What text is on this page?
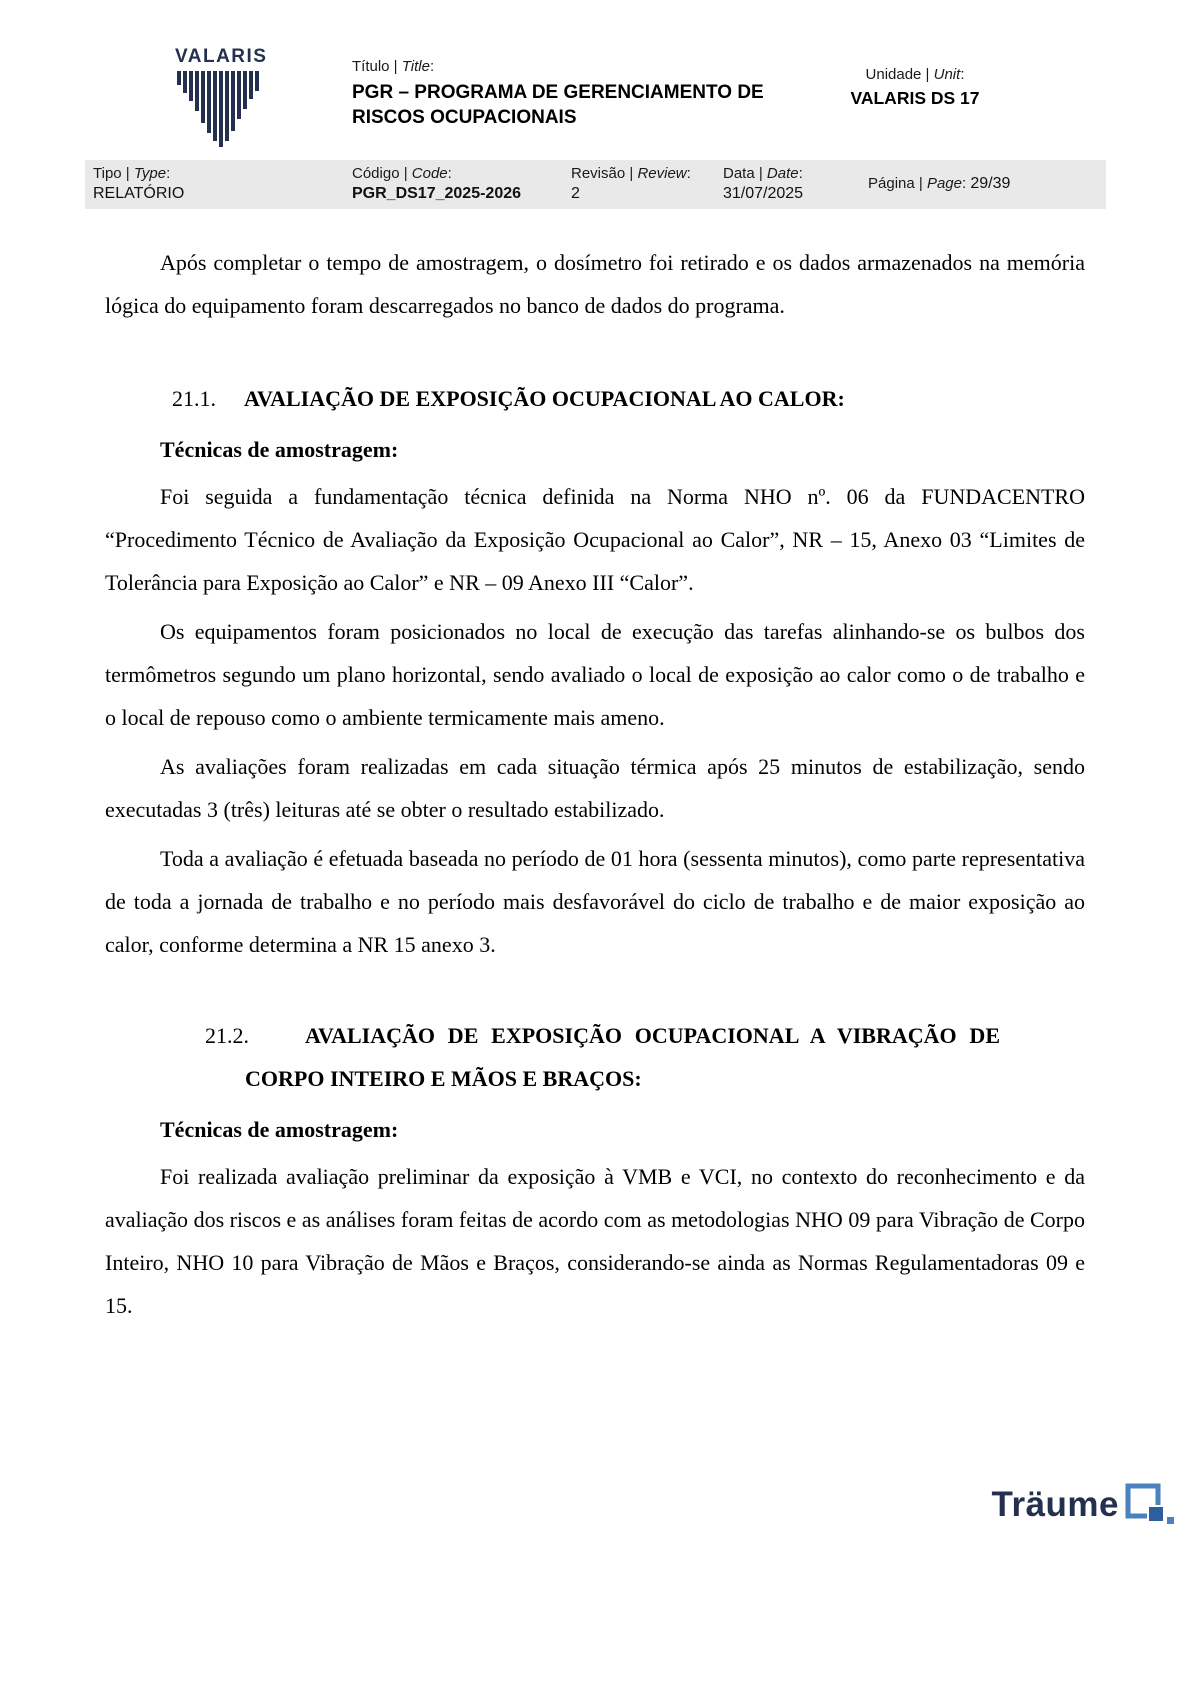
VALARIS	Título | Title:
PGR – PROGRAMA DE GERENCIAMENTO DE
RISCOS OCUPACIONAIS
Unidade | Unit:
VALARIS DS 17
Tipo | Type:
RELATÓRIO
Código | Code:
PGR_DS17_2025-2026
Revisão | Review:
2
Data | Date:
31/07/2025
Página | Page: 29/39

Após completar o tempo de amostragem, o dosímetro foi retirado e os dados armazenados na memória lógica do equipamento foram descarregados no banco de dados do programa.

21.1. AVALIAÇÃO DE EXPOSIÇÃO OCUPACIONAL AO CALOR:

Técnicas de amostragem:

Foi seguida a fundamentação técnica definida na Norma NHO nº. 06 da FUNDACENTRO “Procedimento Técnico de Avaliação da Exposição Ocupacional ao Calor”, NR – 15, Anexo 03 “Limites de Tolerância para Exposição ao Calor” e NR – 09 Anexo III “Calor”.

Os equipamentos foram posicionados no local de execução das tarefas alinhando-se os bulbos dos termômetros segundo um plano horizontal, sendo avaliado o local de exposição ao calor como o de trabalho e o local de repouso como o ambiente termicamente mais ameno.

As avaliações foram realizadas em cada situação térmica após 25 minutos de estabilização, sendo executadas 3 (três) leituras até se obter o resultado estabilizado.

Toda a avaliação é efetuada baseada no período de 01 hora (sessenta minutos), como parte representativa de toda a jornada de trabalho e no período mais desfavorável do ciclo de trabalho e de maior exposição ao calor, conforme determina a NR 15 anexo 3.

21.2.	AVALIAÇÃO DE EXPOSIÇÃO OCUPACIONAL A VIBRAÇÃO DE
CORPO INTEIRO E MÃOS E BRAÇOS:

Técnicas de amostragem:

Foi realizada avaliação preliminar da exposição à VMB e VCI, no contexto do reconhecimento e da avaliação dos riscos e as análises foram feitas de acordo com as metodologias NHO 09 para Vibração de Corpo Inteiro, NHO 10 para Vibração de Mãos e Braços, considerando-se ainda as Normas Regulamentadoras 09 e 15.

Träume
